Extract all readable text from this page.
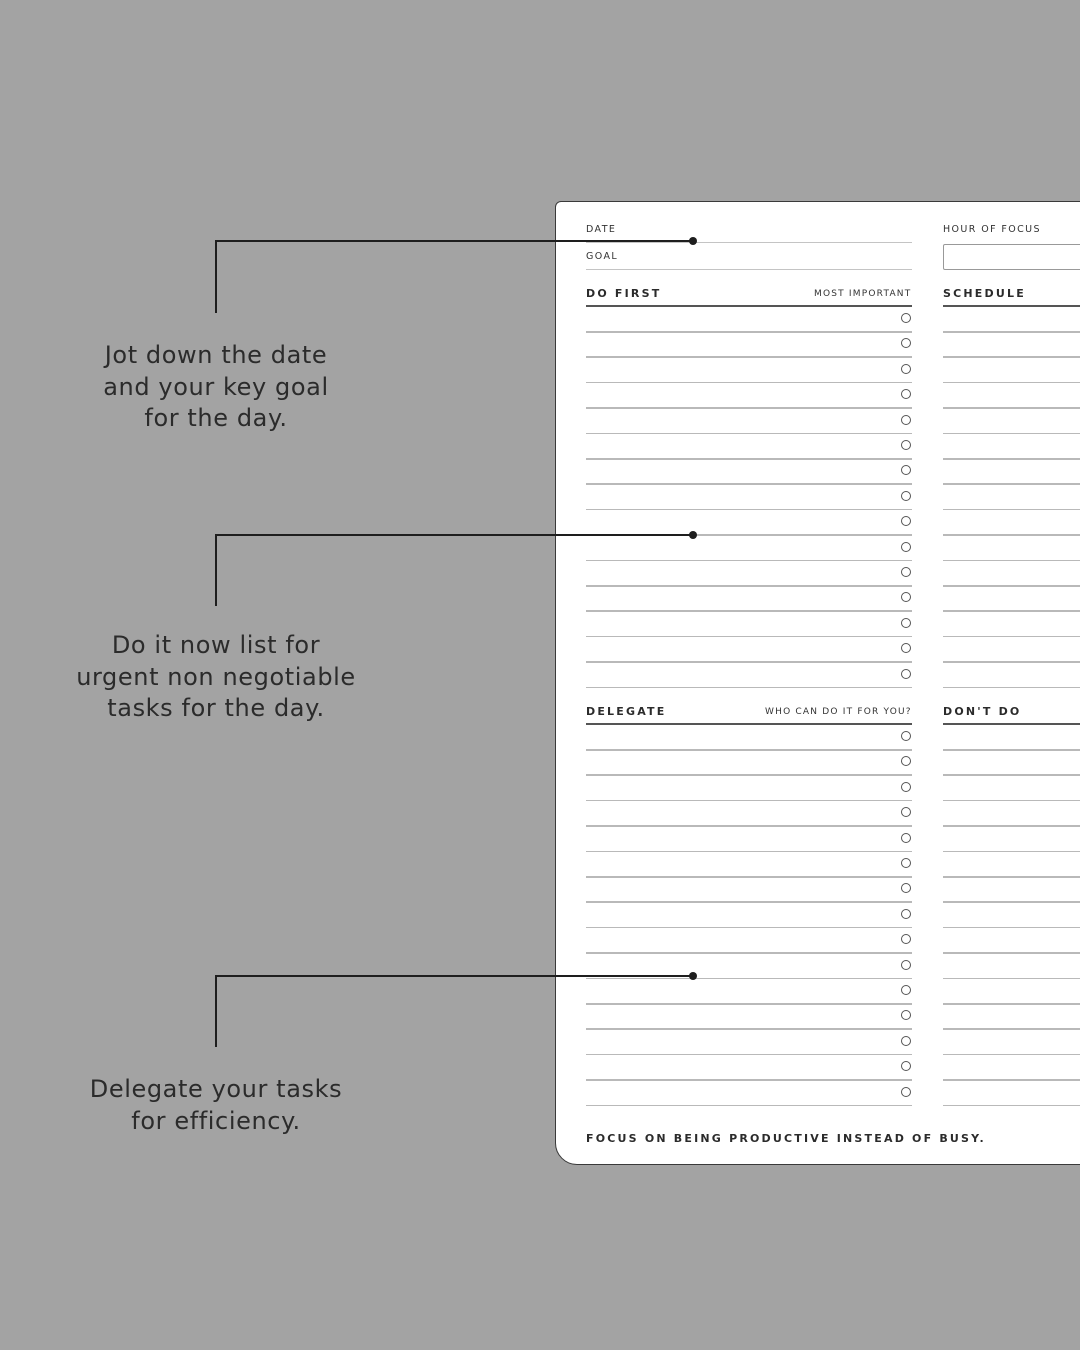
Jot down the date
and your key goal
for the day.
Do it now list for
urgent non negotiable
tasks for the day.
Delegate your tasks
for efficiency.
DATE
GOAL
HOUR OF FOCUS
DO FIRST	MOST IMPORTANT	SCHEDULE
DELEGATE	WHO CAN DO IT FOR YOU?	DON'T DO
FOCUS ON BEING PRODUCTIVE INSTEAD OF BUSY.
